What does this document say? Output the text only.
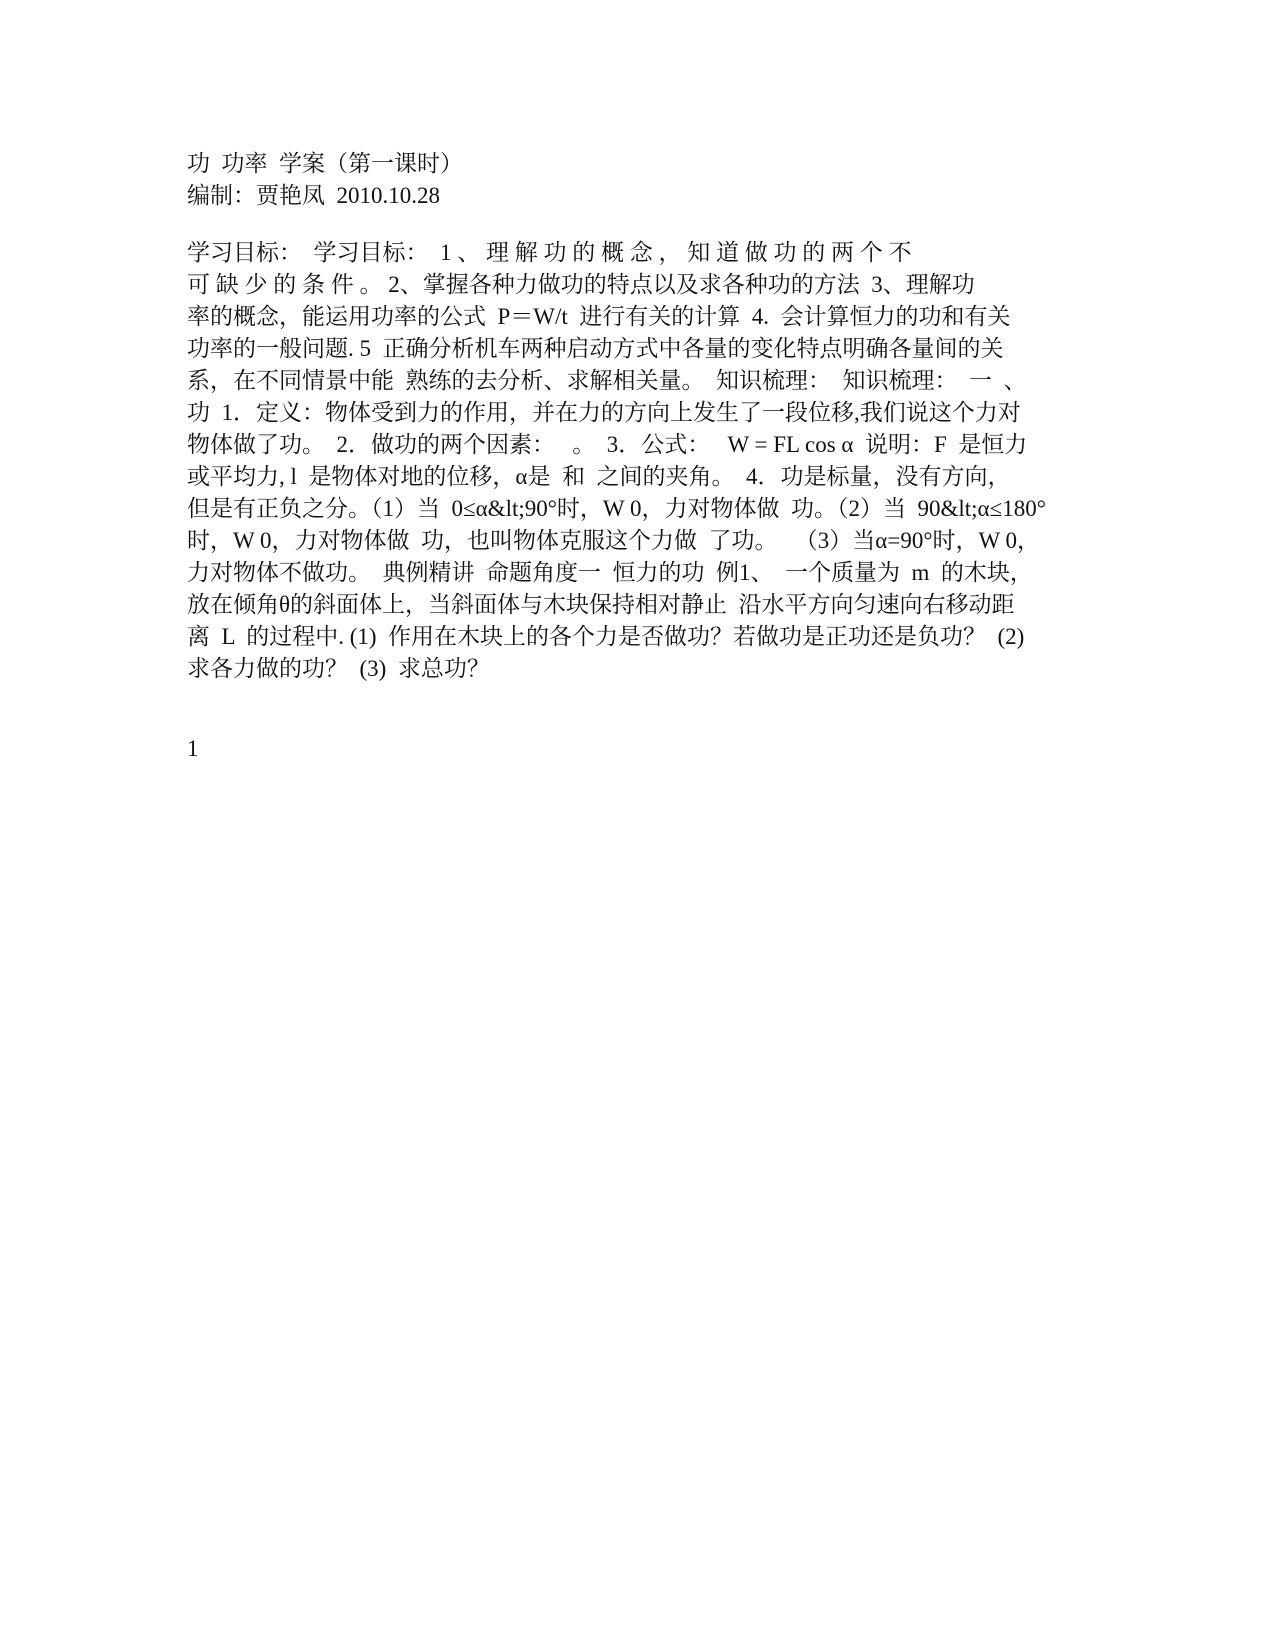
功  功率  学案（第一课时）
编制：贾艳凤  2010.10.28
学习目标：  学习目标：  1 、 理 解 功 的 概 念 ， 知 道 做 功 的 两 个 不
可 缺 少 的 条 件 。 2、掌握各种力做功的特点以及求各种功的方法  3、理解功
率的概念，能运用功率的公式  P＝W/t  进行有关的计算  4.  会计算恒力的功和有关
功率的一般问题. 5  正确分析机车两种启动方式中各量的变化特点明确各量间的关
系，在不同情景中能  熟练的去分析、求解相关量。  知识梳理：  知识梳理：  一  、
功  1．定义：物体受到力的作用，并在力的方向上发生了一段位移,我们说这个力对
物体做了功。  2．做功的两个因素：   。  3．公式：   W = FL cos α  说明：F  是恒力
或平均力, l  是物体对地的位移，α是  和  之间的夹角。  4．功是标量，没有方向，
但是有正负之分。（1）当  0≤α&lt;90°时，W 0，力对物体做  功。（2）当  90&lt;α≤180°
时，W 0，力对物体做  功，也叫物体克服这个力做  了功。   （3）当α=90°时，W 0，
力对物体不做功。  典例精讲  命题角度一  恒力的功  例1、  一个质量为  m  的木块，
放在倾角θ的斜面体上，当斜面体与木块保持相对静止  沿水平方向匀速向右移动距
离  L  的过程中. (1)  作用在木块上的各个力是否做功？若做功是正功还是负功？  (2)
求各力做的功？  (3)  求总功？
1
